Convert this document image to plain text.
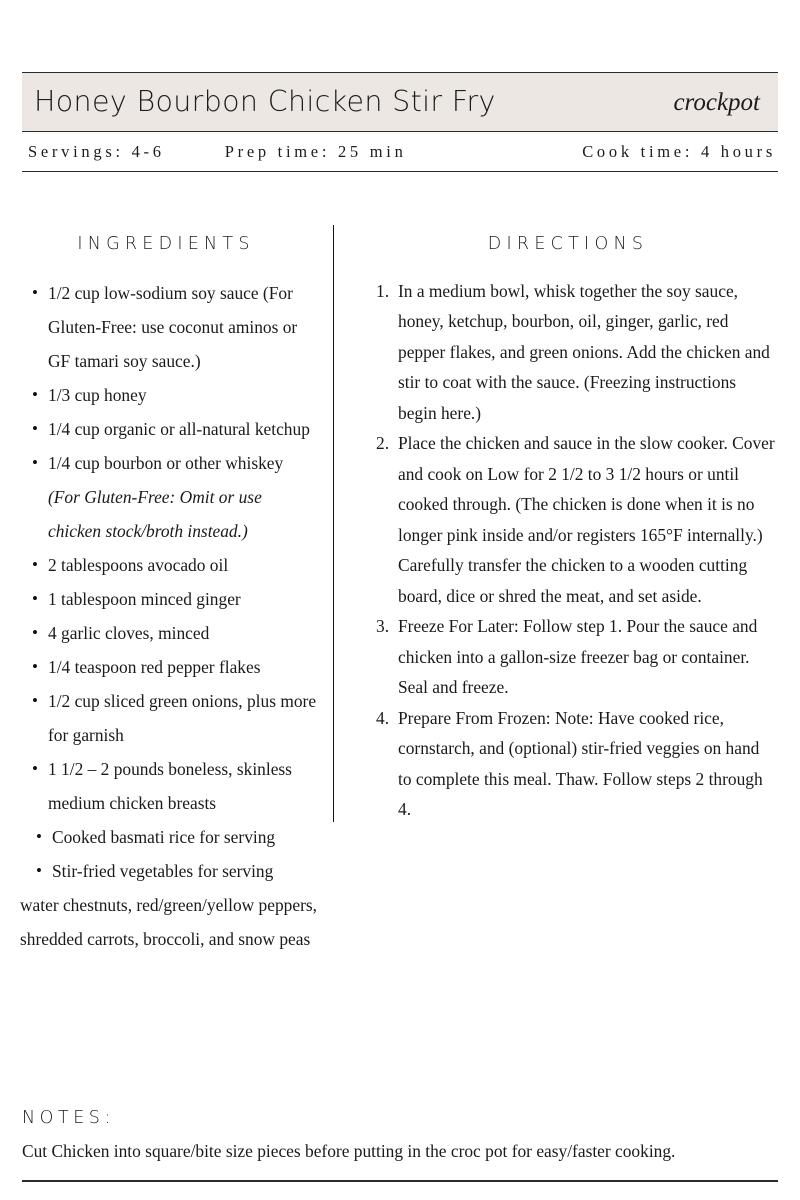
Honey Bourbon Chicken Stir Fry	crockpot
Servings: 4-6	Prep time: 25 min	Cook time: 4 hours
INGREDIENTS
• 1/2 cup low-sodium soy sauce (For Gluten-Free: use coconut aminos or GF tamari soy sauce.)
• 1/3 cup honey
• 1/4 cup organic or all-natural ketchup
• 1/4 cup bourbon or other whiskey (For Gluten-Free: Omit or use chicken stock/broth instead.)
• 2 tablespoons avocado oil
• 1 tablespoon minced ginger
• 4 garlic cloves, minced
• 1/4 teaspoon red pepper flakes
• 1/2 cup sliced green onions, plus more for garnish
• 1 1/2 – 2 pounds boneless, skinless medium chicken breasts
• Cooked basmati rice for serving
• Stir-fried vegetables for serving

water chestnuts, red/green/yellow peppers, shredded carrots, broccoli, and snow peas

DIRECTIONS
In a medium bowl, whisk together the soy sauce, honey, ketchup, bourbon, oil, ginger, garlic, red pepper flakes, and green onions. Add the chicken and stir to coat with the sauce. (Freezing instructions begin here.)
Place the chicken and sauce in the slow cooker. Cover and cook on Low for 2 1/2 to 3 1/2 hours or until cooked through. (The chicken is done when it is no longer pink inside and/or registers 165°F internally.) Carefully transfer the chicken to a wooden cutting board, dice or shred the meat, and set aside.
Freeze For Later: Follow step 1. Pour the sauce and chicken into a gallon-size freezer bag or container. Seal and freeze.
Prepare From Frozen: Note: Have cooked rice, cornstarch, and (optional) stir-fried veggies on hand to complete this meal. Thaw. Follow steps 2 through 4.
NOTES:

Cut Chicken into square/bite size pieces before putting in the croc pot for easy/faster cooking.
